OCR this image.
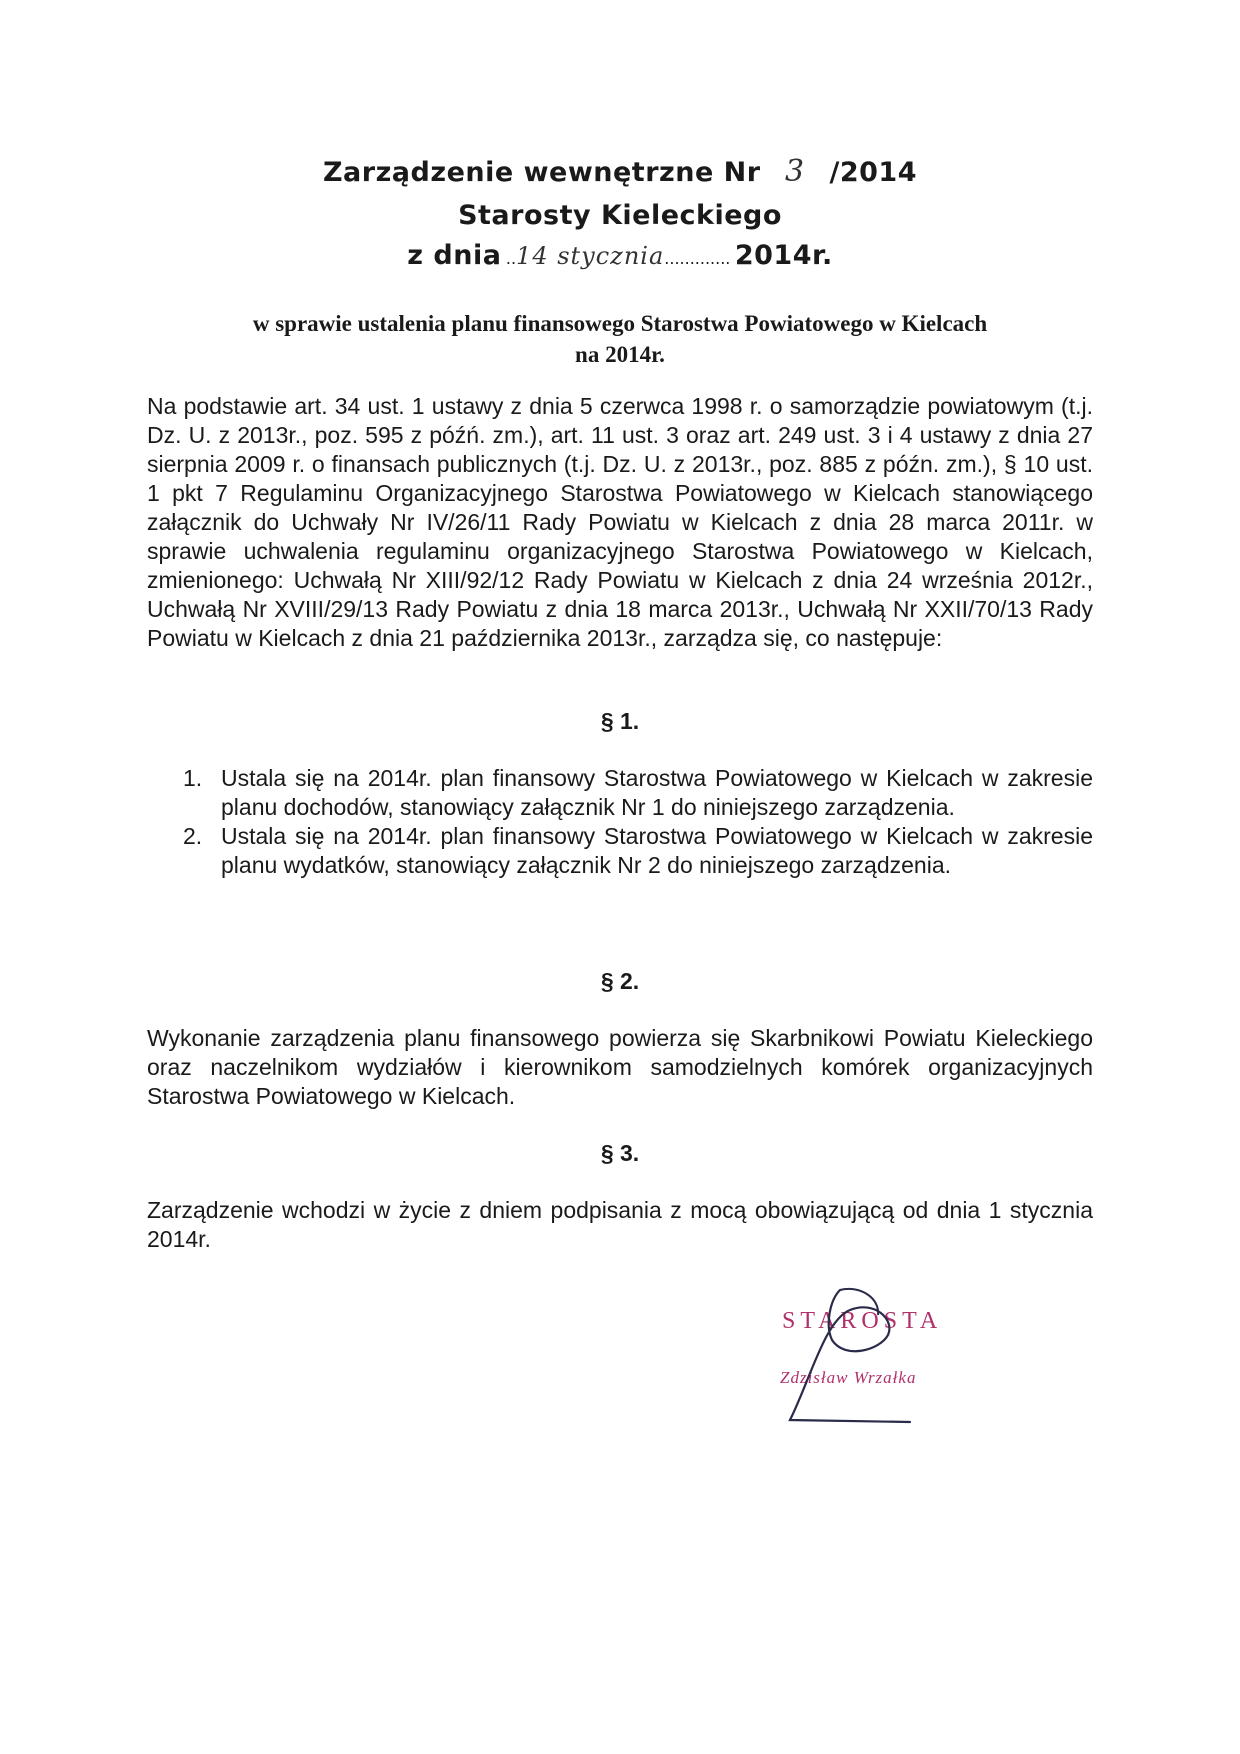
Zarządzenie wewnętrzne Nr 3 /2014
Starosty Kieleckiego
z dnia ..14 stycznia............. 2014r.
w sprawie ustalenia planu finansowego Starostwa Powiatowego w Kielcach
na 2014r.
Na podstawie art. 34 ust. 1 ustawy z dnia 5 czerwca 1998 r. o samorządzie powiatowym (t.j. Dz. U. z 2013r., poz. 595 z późń. zm.), art. 11 ust. 3 oraz art. 249 ust. 3 i 4 ustawy z dnia 27 sierpnia 2009 r. o finansach publicznych (t.j. Dz. U. z 2013r., poz. 885 z późn. zm.), § 10 ust. 1 pkt 7 Regulaminu Organizacyjnego Starostwa Powiatowego w Kielcach stanowiącego załącznik do Uchwały Nr IV/26/11 Rady Powiatu w Kielcach z dnia 28 marca 2011r. w sprawie uchwalenia regulaminu organizacyjnego Starostwa Powiatowego w Kielcach, zmienionego: Uchwałą Nr XIII/92/12 Rady Powiatu w Kielcach z dnia 24 września 2012r., Uchwałą Nr XVIII/29/13 Rady Powiatu z dnia 18 marca 2013r., Uchwałą Nr XXII/70/13 Rady Powiatu w Kielcach z dnia 21 października 2013r., zarządza się, co następuje:
§ 1.
1. Ustala się na 2014r. plan finansowy Starostwa Powiatowego w Kielcach w zakresie planu dochodów, stanowiący załącznik Nr 1 do niniejszego zarządzenia.
2. Ustala się na 2014r. plan finansowy Starostwa Powiatowego w Kielcach w zakresie planu wydatków, stanowiący załącznik Nr 2 do niniejszego zarządzenia.
§ 2.
Wykonanie zarządzenia planu finansowego powierza się Skarbnikowi Powiatu Kieleckiego oraz naczelnikom wydziałów i kierownikom samodzielnych komórek organizacyjnych Starostwa Powiatowego w Kielcach.
§ 3.
Zarządzenie wchodzi w życie z dniem podpisania z mocą obowiązującą od dnia 1 stycznia 2014r.
STAROSTA
Zdzisław Wrzałka
